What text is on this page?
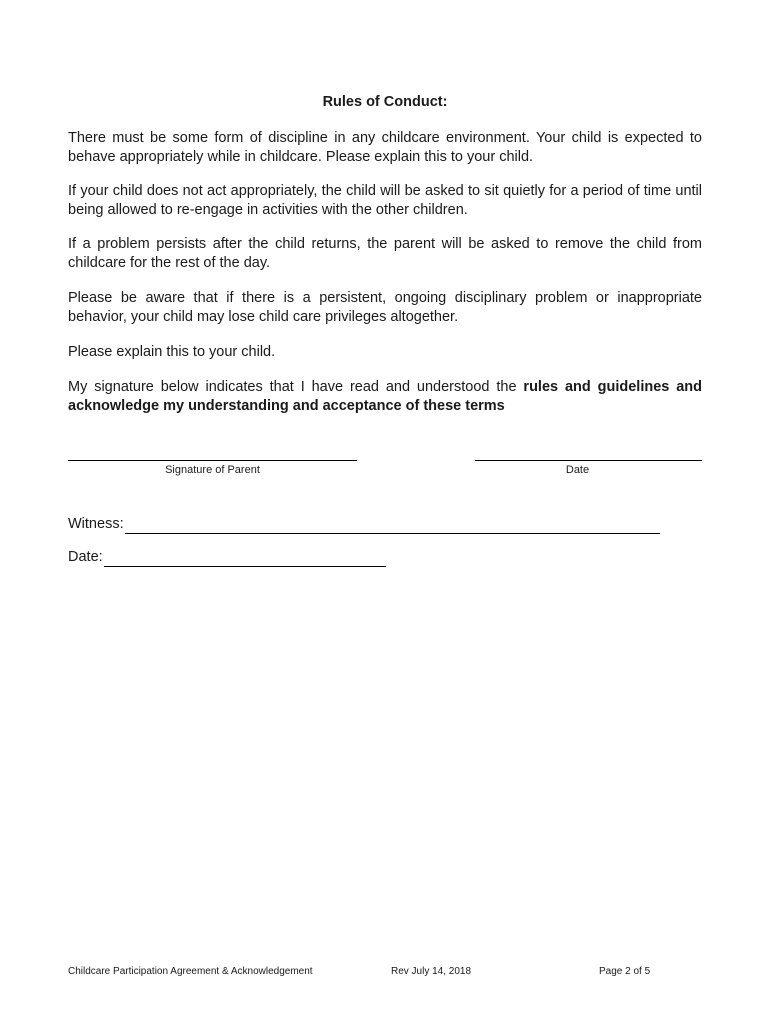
Rules of Conduct:
There must be some form of discipline in any childcare environment. Your child is expected to behave appropriately while in childcare. Please explain this to your child.
If your child does not act appropriately, the child will be asked to sit quietly for a period of time until being allowed to re-engage in activities with the other children.
If a problem persists after the child returns, the parent will be asked to remove the child from childcare for the rest of the day.
Please be aware that if there is a persistent, ongoing disciplinary problem or inappropriate behavior, your child may lose child care privileges altogether.
Please explain this to your child.
My signature below indicates that I have read and understood the rules and guidelines and acknowledge my understanding and acceptance of these terms
Signature of Parent	Date
Witness:
Date:
Childcare Participation Agreement & Acknowledgement	Rev July 14, 2018	Page 2 of 5
